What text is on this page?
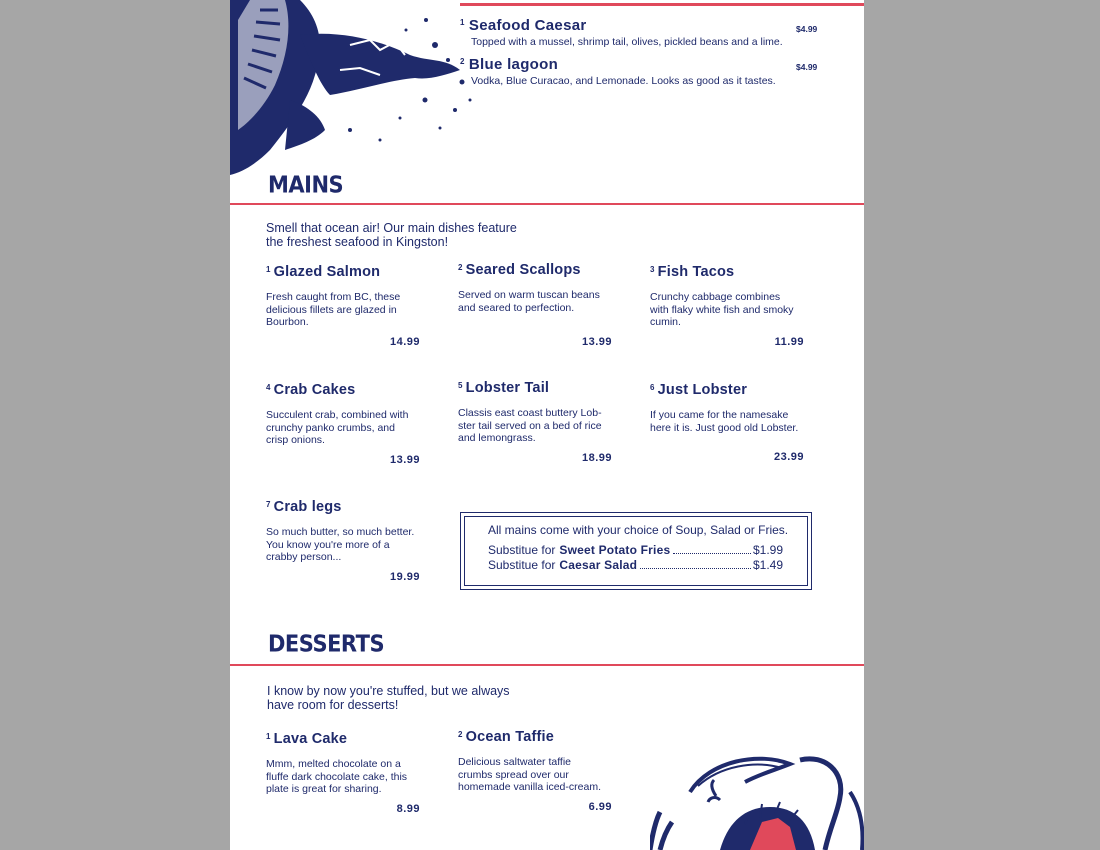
$^1$ Seafood Caesar
Topped with a mussel, shrimp tail, olives, pickled beans and a lime.
$4.99
$^2$ Blue lagoon
Vodka, Blue Curacao, and Lemonade. Looks as good as it tastes.
$4.99
MAINS
Smell that ocean air! Our main dishes feature the freshest seafood in Kingston!
$^1$ Glazed Salmon
Fresh caught from BC, these delicious fillets are glazed in Bourbon.
14.99
$^2$ Seared Scallops
Served on warm tuscan beans and seared to perfection.
13.99
$^3$ Fish Tacos
Crunchy cabbage combines with flaky white fish and smoky cumin.
11.99
$^4$ Crab Cakes
Succulent crab, combined with crunchy panko crumbs, and crisp onions.
13.99
$^5$ Lobster Tail
Classis east coast buttery Lob-ster tail served on a bed of rice and lemongrass.
18.99
$^6$ Just Lobster
If you came for the namesake here it is. Just good old Lobster.
23.99
$^7$ Crab legs
So much butter, so much better. You know you're more of a crabby person...
19.99
All mains come with your choice of Soup, Salad or Fries.
Substitue for Sweet Potato Fries	$1.99
Substitue for Caesar Salad	$1.49
DESSERTS
I know by now you're stuffed, but we always have room for desserts!
$^1$ Lava Cake
Mmm, melted chocolate on a fluffe dark chocolate cake, this plate is great for sharing.
8.99
$^2$ Ocean Taffie
Delicious saltwater taffie crumbs spread over our homemade vanilla iced-cream.
6.99
